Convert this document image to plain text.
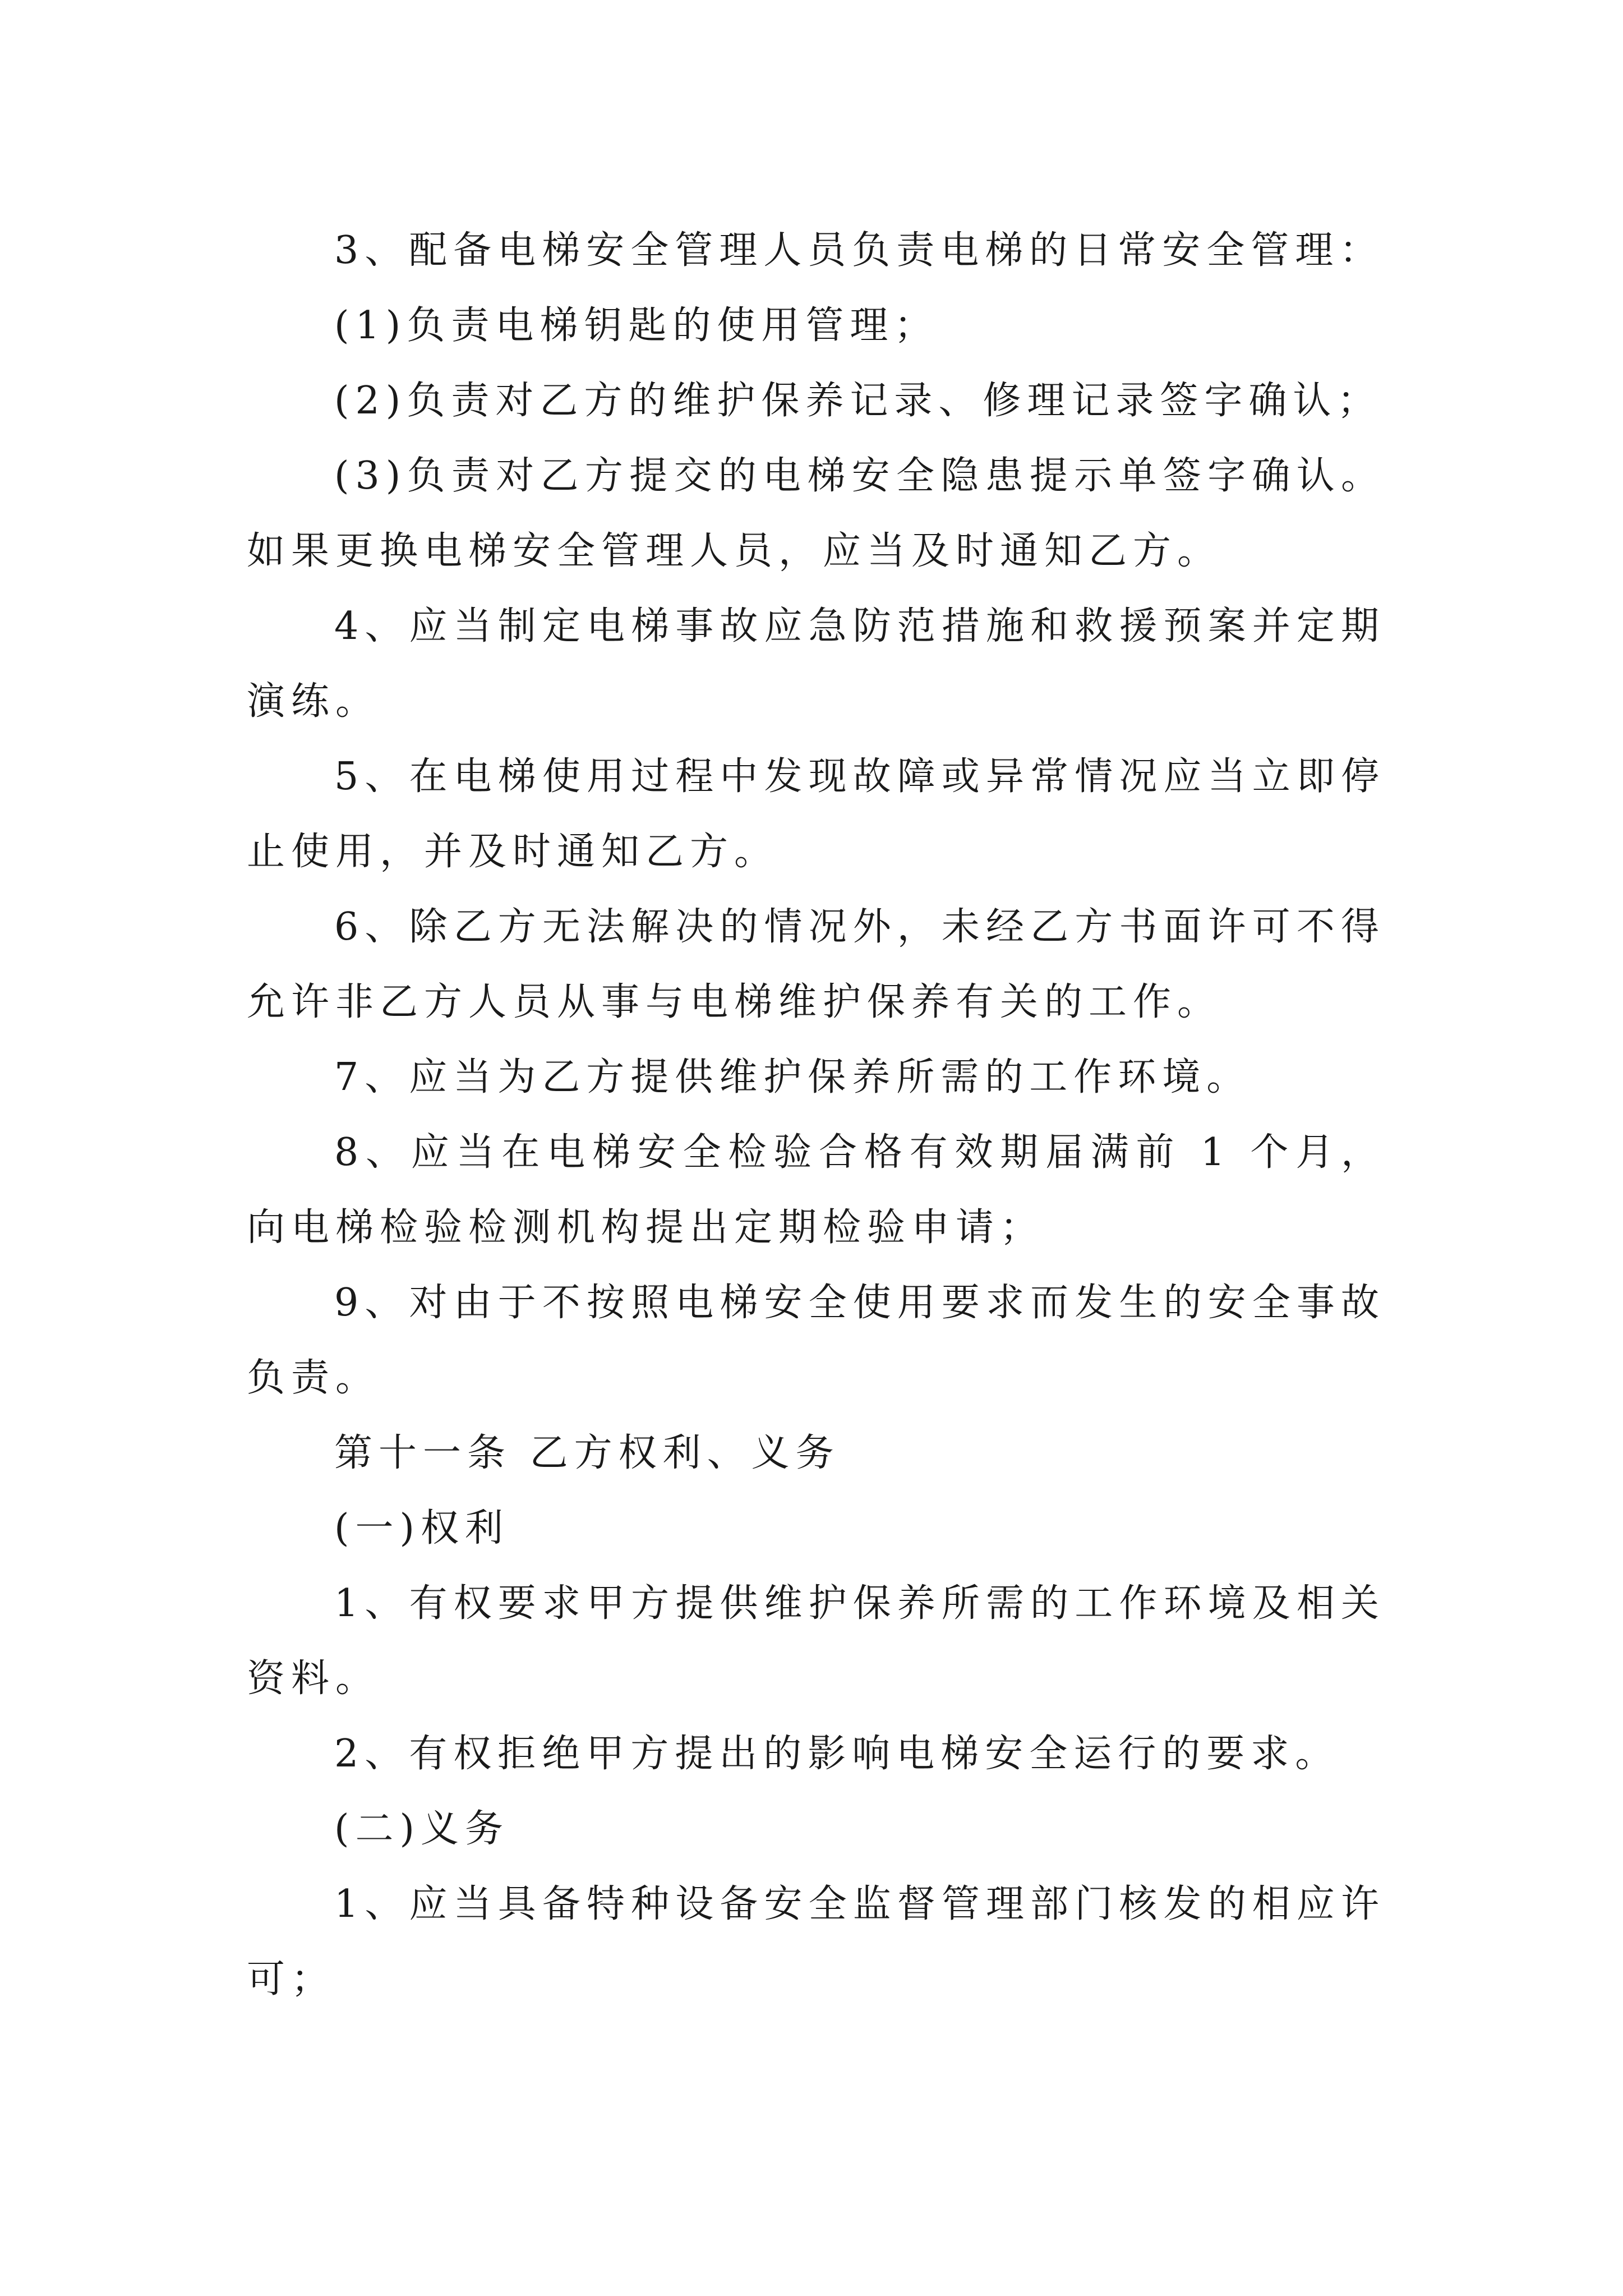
3、配备电梯安全管理人员负责电梯的日常安全管理：

(1)负责电梯钥匙的使用管理；

(2)负责对乙方的维护保养记录、修理记录签字确认；

(3)负责对乙方提交的电梯安全隐患提示单签字确认。如果更换电梯安全管理人员，应当及时通知乙方。

4、应当制定电梯事故应急防范措施和救援预案并定期演练。

5、在电梯使用过程中发现故障或异常情况应当立即停止使用，并及时通知乙方。

6、除乙方无法解决的情况外，未经乙方书面许可不得允许非乙方人员从事与电梯维护保养有关的工作。

7、应当为乙方提供维护保养所需的工作环境。

8、应当在电梯安全检验合格有效期届满前 1 个月，向电梯检验检测机构提出定期检验申请；

9、对由于不按照电梯安全使用要求而发生的安全事故负责。

第十一条 乙方权利、义务

(一)权利

1、有权要求甲方提供维护保养所需的工作环境及相关资料。

2、有权拒绝甲方提出的影响电梯安全运行的要求。

(二)义务

1、应当具备特种设备安全监督管理部门核发的相应许可；
